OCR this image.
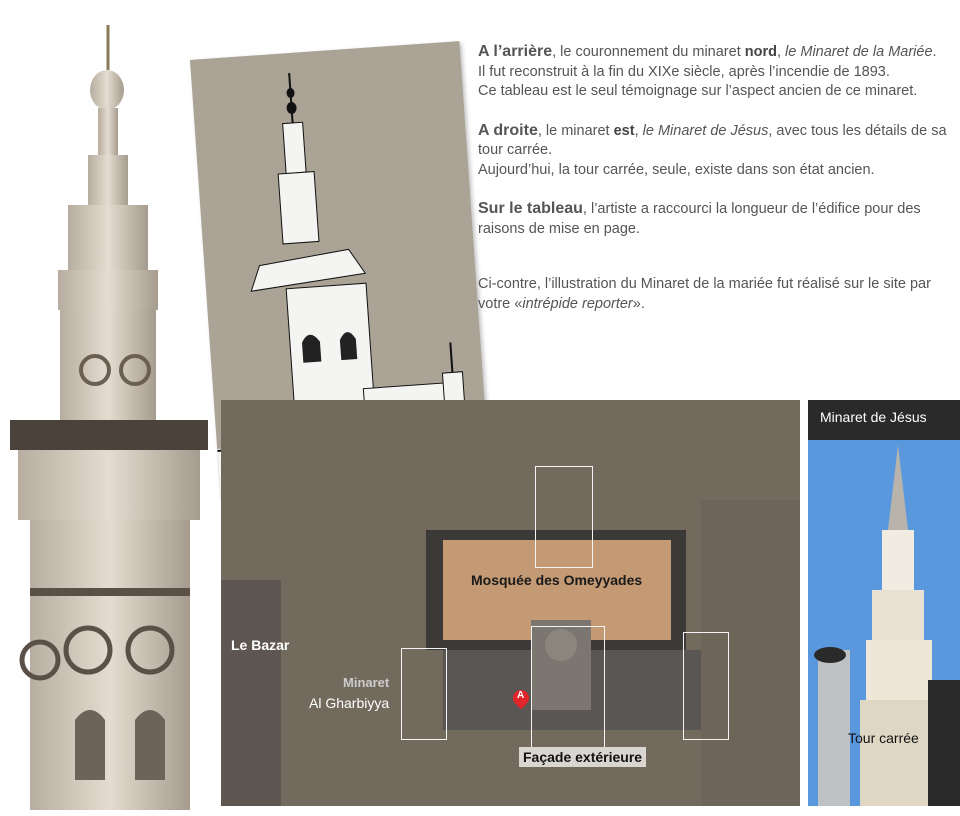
A l’arrière, le couronnement du minaret nord, le Minaret de la Mariée.
Il fut reconstruit à la fin du XIXe siècle, après l’incendie de 1893.
Ce tableau est le seul témoignage sur l’aspect ancien de ce minaret.

A droite, le minaret est, le Minaret de Jésus, avec tous les détails de sa tour carrée.
Aujourd’hui, la tour carrée, seule, existe dans son état ancien.

Sur le tableau, l’artiste a raccourci la longueur de l’édifice pour des raisons de mise en page.

Ci-contre, l’illustration du Minaret de la mariée fut réalisé sur le site par votre «intrépide reporter».

Mosquée des Omeyyades
Le Bazar
Minaret
Al Gharbiyya
Façade extérieure
A
Minaret de Jésus
Tour carrée
